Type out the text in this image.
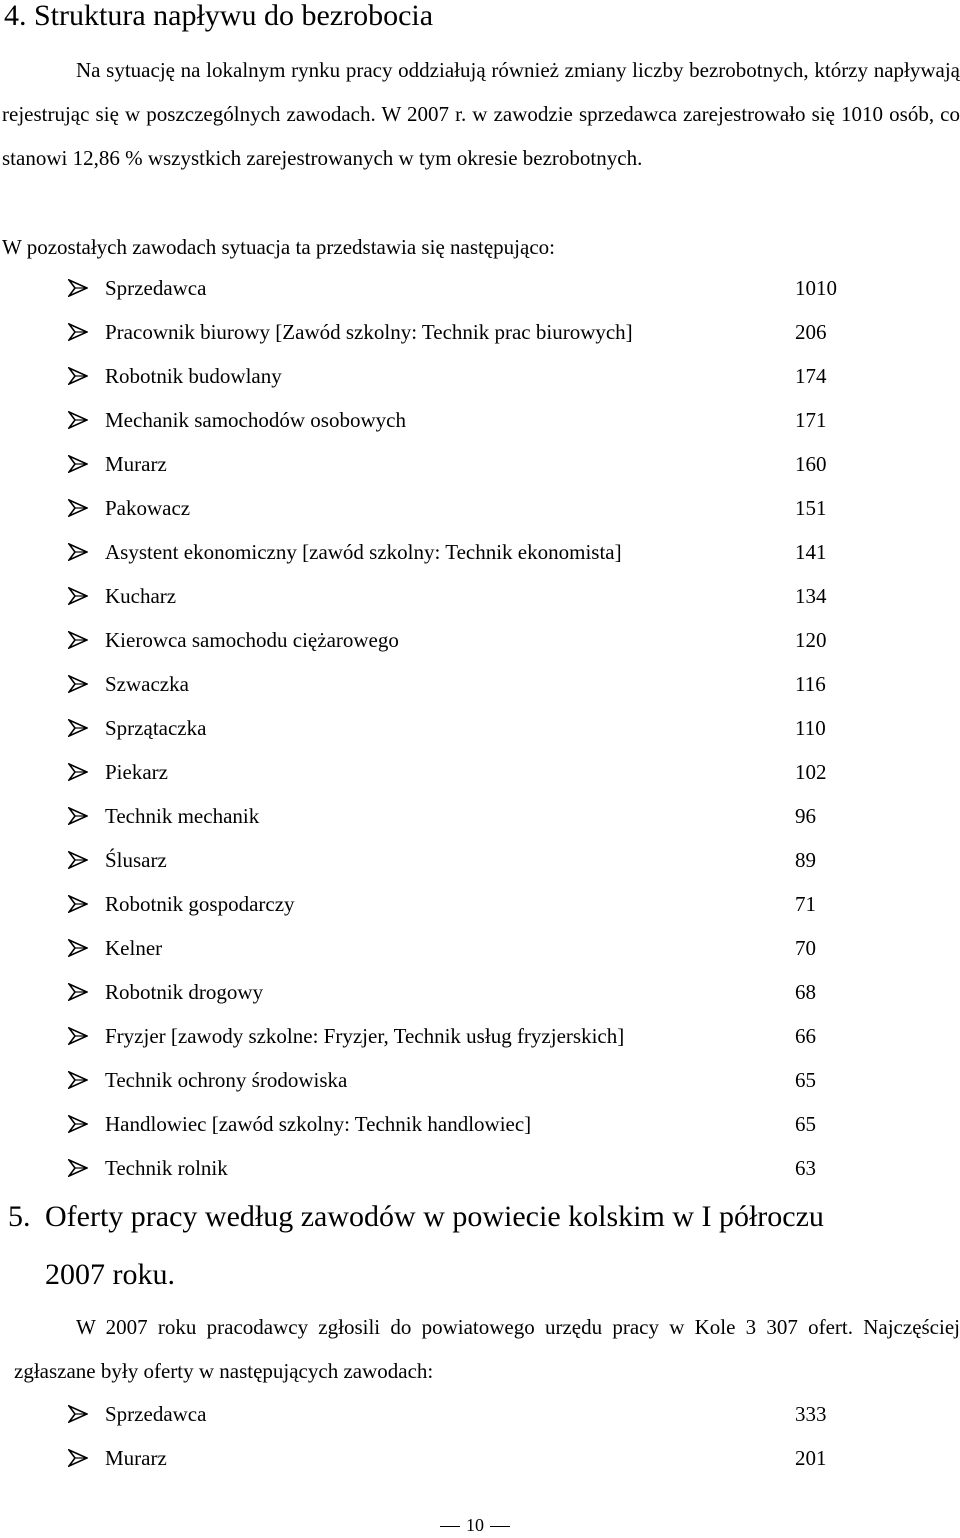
4. Struktura napływu do bezrobocia
Na sytuację na lokalnym rynku pracy oddziałują również zmiany liczby bezrobotnych, którzy napływają rejestrując się w poszczególnych zawodach. W 2007 r. w zawodzie sprzedawca zarejestrowało się 1010 osób, co stanowi 12,86 % wszystkich zarejestrowanych w tym okresie bezrobotnych.
W pozostałych zawodach sytuacja ta przedstawia się następująco:
Sprzedawca	1010
Pracownik biurowy [Zawód szkolny: Technik prac biurowych]	206
Robotnik budowlany	174
Mechanik samochodów osobowych	171
Murarz	160
Pakowacz	151
Asystent ekonomiczny [zawód szkolny: Technik ekonomista]	141
Kucharz	134
Kierowca samochodu ciężarowego	120
Szwaczka	116
Sprzątaczka	110
Piekarz	102
Technik mechanik	96
Ślusarz	89
Robotnik gospodarczy	71
Kelner	70
Robotnik drogowy	68
Fryzjer [zawody szkolne: Fryzjer, Technik usług fryzjerskich]	66
Technik ochrony środowiska	65
Handlowiec [zawód szkolny: Technik handlowiec]	65
Technik rolnik	63
5. Oferty pracy według zawodów w powiecie kolskim w I półroczu
2007 roku.
W 2007 roku pracodawcy zgłosili do powiatowego urzędu pracy w Kole 3 307 ofert. Najczęściej zgłaszane były oferty w następujących zawodach:
Sprzedawca	333
Murarz	201
10
